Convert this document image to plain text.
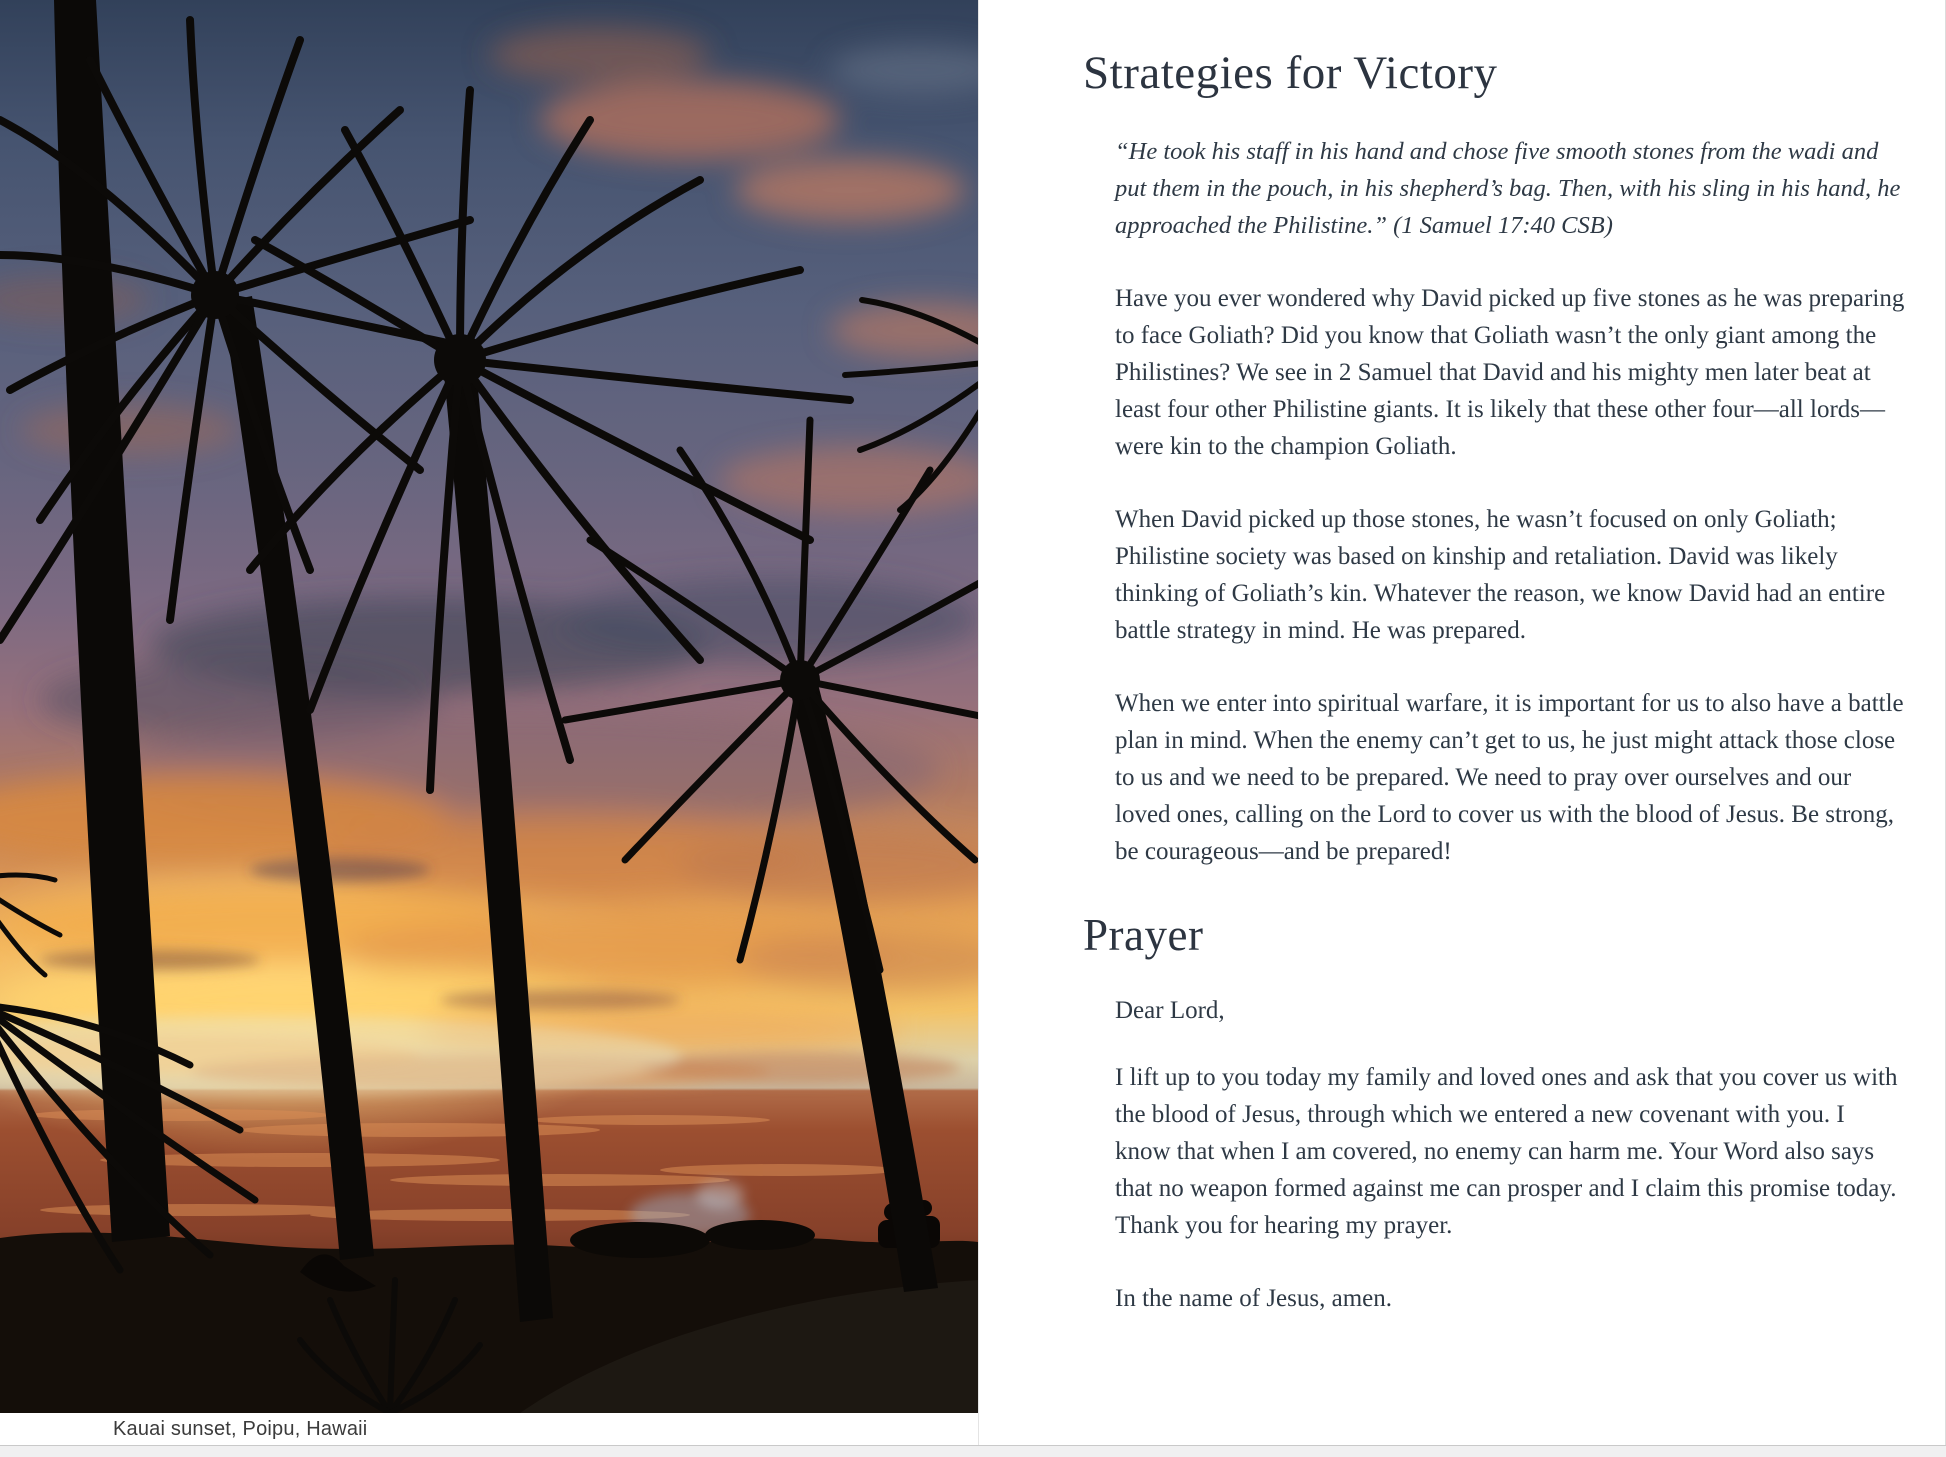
Kauai sunset, Poipu, Hawaii
Strategies for Victory

“He took his staff in his hand and chose five smooth stones from the wadi and put them in the pouch, in his shepherd’s bag. Then, with his sling in his hand, he approached the Philistine.” (1 Samuel 17:40 CSB)

Have you ever wondered why David picked up five stones as he was preparing to face Goliath? Did you know that Goliath wasn’t the only giant among the Philistines? We see in 2 Samuel that David and his mighty men later beat at least four other Philistine giants. It is likely that these other four—all lords—were kin to the champion Goliath.

When David picked up those stones, he wasn’t focused on only Goliath; Philistine society was based on kinship and retaliation. David was likely thinking of Goliath’s kin. Whatever the reason, we know David had an entire battle strategy in mind. He was prepared.

When we enter into spiritual warfare, it is important for us to also have a battle plan in mind. When the enemy can’t get to us, he just might attack those close to us and we need to be prepared. We need to pray over ourselves and our loved ones, calling on the Lord to cover us with the blood of Jesus. Be strong, be courageous—and be prepared!

Prayer

Dear Lord,

I lift up to you today my family and loved ones and ask that you cover us with the blood of Jesus, through which we entered a new covenant with you. I know that when I am covered, no enemy can harm me. Your Word also says that no weapon formed against me can prosper and I claim this promise today. Thank you for hearing my prayer.

In the name of Jesus, amen.
